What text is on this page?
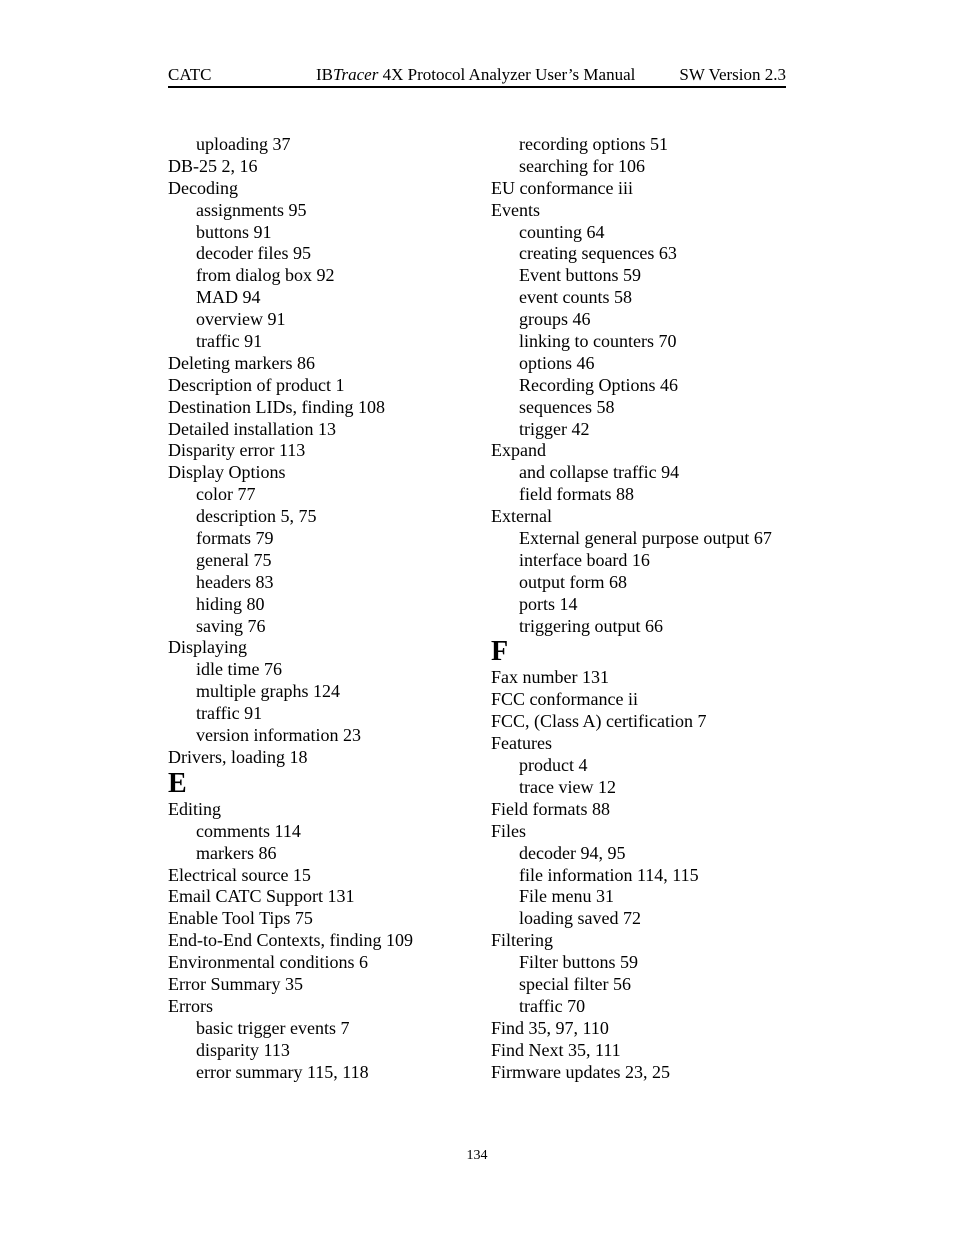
CATC	IBTracer 4X Protocol Analyzer User’s Manual	SW Version 2.3
uploading 37
DB-25 2, 16
Decoding
assignments 95
buttons 91
decoder files 95
from dialog box 92
MAD 94
overview 91
traffic 91
Deleting markers 86
Description of product 1
Destination LIDs, finding 108
Detailed installation 13
Disparity error 113
Display Options
color 77
description 5, 75
formats 79
general 75
headers 83
hiding 80
saving 76
Displaying
idle time 76
multiple graphs 124
traffic 91
version information 23
Drivers, loading 18
E
Editing
comments 114
markers 86
Electrical source 15
Email CATC Support 131
Enable Tool Tips 75
End-to-End Contexts, finding 109
Environmental conditions 6
Error Summary 35
Errors
basic trigger events 7
disparity 113
error summary 115, 118
recording options 51
searching for 106
EU conformance iii
Events
counting 64
creating sequences 63
Event buttons 59
event counts 58
groups 46
linking to counters 70
options 46
Recording Options 46
sequences 58
trigger 42
Expand
and collapse traffic 94
field formats 88
External
External general purpose output 67
interface board 16
output form 68
ports 14
triggering output 66
F
Fax number 131
FCC conformance ii
FCC, (Class A) certification 7
Features
product 4
trace view 12
Field formats 88
Files
decoder 94, 95
file information 114, 115
File menu 31
loading saved 72
Filtering
Filter buttons 59
special filter 56
traffic 70
Find 35, 97, 110
Find Next 35, 111
Firmware updates 23, 25
134
